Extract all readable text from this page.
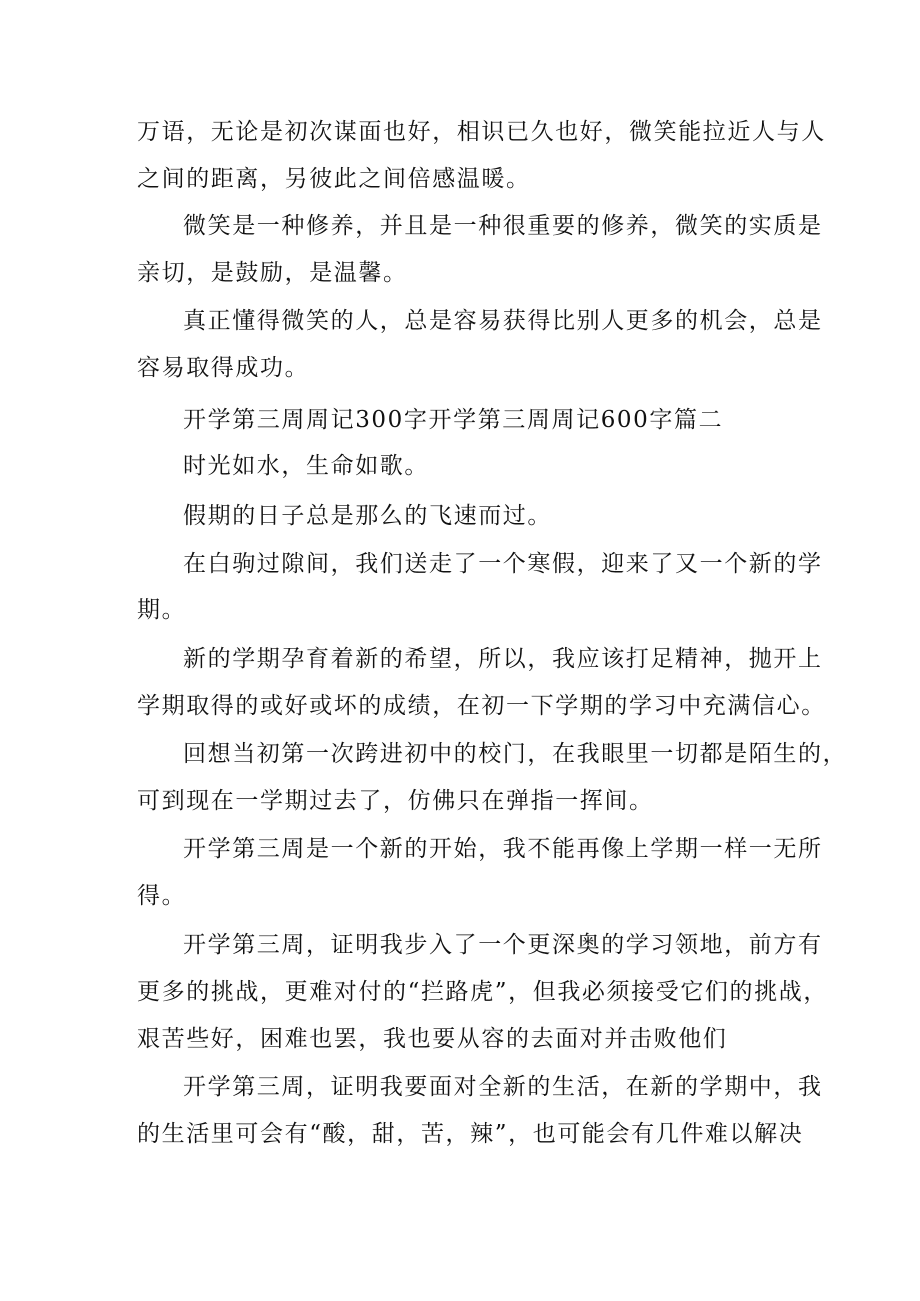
万语，无论是初次谋面也好，相识已久也好，微笑能拉近人与人
之间的距离，另彼此之间倍感温暖。
微笑是一种修养，并且是一种很重要的修养，微笑的实质是
亲切，是鼓励，是温馨。
真正懂得微笑的人，总是容易获得比别人更多的机会，总是
容易取得成功。
开学第三周周记300字开学第三周周记600字篇二
时光如水，生命如歌。
假期的日子总是那么的飞速而过。
在白驹过隙间，我们送走了一个寒假，迎来了又一个新的学
期。
新的学期孕育着新的希望，所以，我应该打足精神，抛开上
学期取得的或好或坏的成绩，在初一下学期的学习中充满信心。
回想当初第一次跨进初中的校门，在我眼里一切都是陌生的，
可到现在一学期过去了，仿佛只在弹指一挥间。
开学第三周是一个新的开始，我不能再像上学期一样一无所
得。
开学第三周，证明我步入了一个更深奥的学习领地，前方有
更多的挑战，更难对付的“拦路虎”，但我必须接受它们的挑战，
艰苦些好，困难也罢，我也要从容的去面对并击败他们
开学第三周，证明我要面对全新的生活，在新的学期中，我
的生活里可会有“酸，甜，苦，辣”，也可能会有几件难以解决
